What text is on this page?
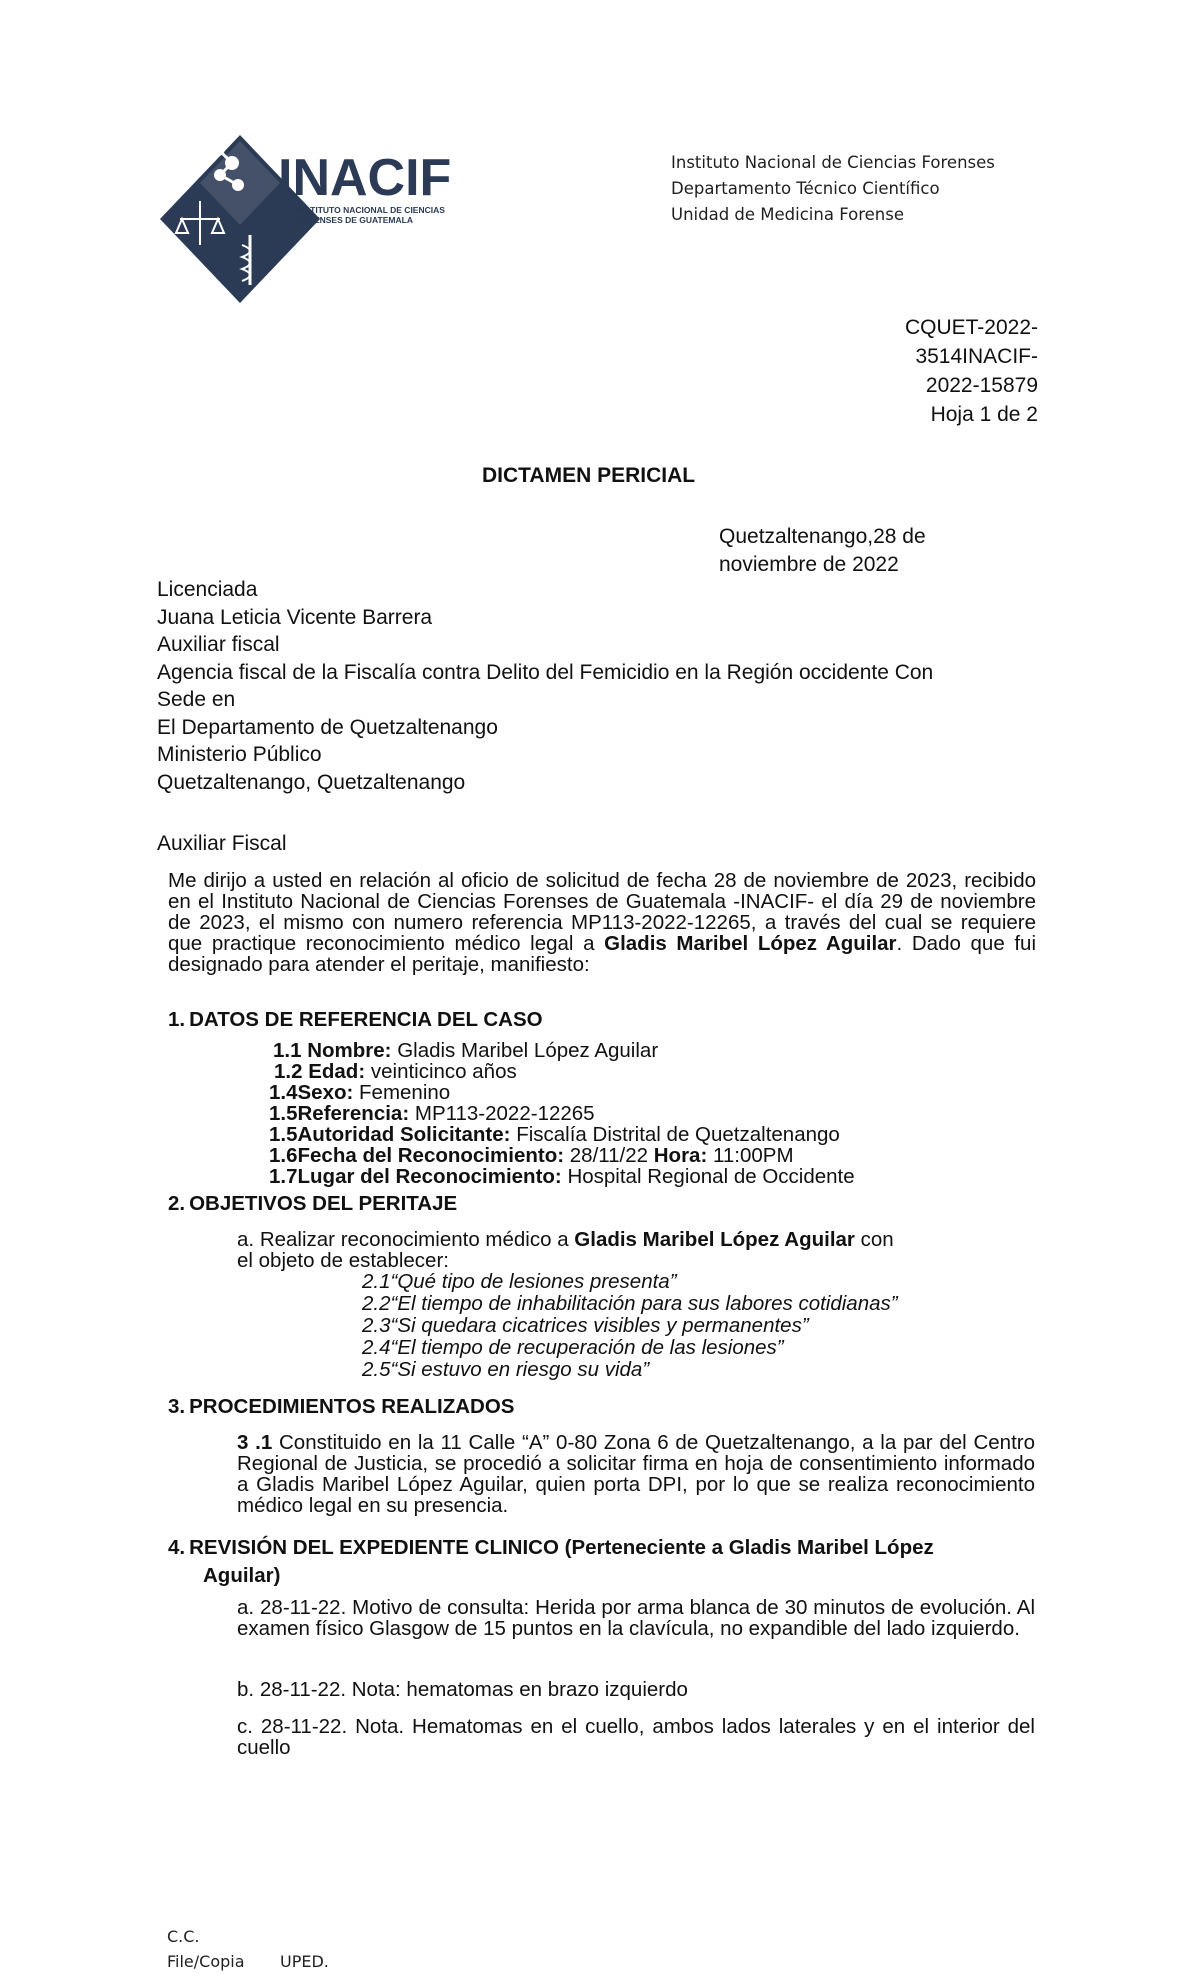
INACIF
INSTITUTO NACIONAL DE CIENCIAS
FORENSES DE GUATEMALA
Instituto Nacional de Ciencias Forenses
Departamento Técnico Científico
Unidad de Medicina Forense
CQUET-2022-
3514INACIF-
2022-15879
Hoja 1 de 2
DICTAMEN PERICIAL
Quetzaltenango,28 de
noviembre de 2022
Licenciada
Juana Leticia Vicente Barrera
Auxiliar fiscal
Agencia fiscal de la Fiscalía contra Delito del Femicidio en la Región occidente Con
Sede en
El Departamento de Quetzaltenango
Ministerio Público
Quetzaltenango, Quetzaltenango
Auxiliar Fiscal
Me dirijo a usted en relación al oficio de solicitud de fecha 28 de noviembre de 2023, recibido en el Instituto Nacional de Ciencias Forenses de Guatemala -INACIF- el día 29 de noviembre de 2023, el mismo con numero referencia MP113-2022-12265, a través del cual se requiere que practique reconocimiento médico legal a Gladis Maribel López Aguilar. Dado que fui designado para atender el peritaje, manifiesto:
1. DATOS DE REFERENCIA DEL CASO
1.1 Nombre: Gladis Maribel López Aguilar
1.2 Edad: veinticinco años
1.4Sexo: Femenino
1.5Referencia: MP113-2022-12265
1.5Autoridad Solicitante: Fiscalía Distrital de Quetzaltenango
1.6Fecha del Reconocimiento: 28/11/22 Hora: 11:00PM
1.7Lugar del Reconocimiento: Hospital Regional de Occidente
2. OBJETIVOS DEL PERITAJE
a. Realizar reconocimiento médico a Gladis Maribel López Aguilar con
el objeto de establecer:
2.1“Qué tipo de lesiones presenta”
2.2“El tiempo de inhabilitación para sus labores cotidianas”
2.3“Si quedara cicatrices visibles y permanentes”
2.4“El tiempo de recuperación de las lesiones”
2.5“Si estuvo en riesgo su vida”
3. PROCEDIMIENTOS REALIZADOS
3 .1 Constituido en la 11 Calle “A” 0-80 Zona 6 de Quetzaltenango, a la par del Centro Regional de Justicia, se procedió a solicitar firma en hoja de consentimiento informado a Gladis Maribel López Aguilar, quien porta DPI, por lo que se realiza reconocimiento médico legal en su presencia.
4. REVISIÓN DEL EXPEDIENTE CLINICO (Perteneciente a Gladis Maribel López
Aguilar)
a. 28-11-22. Motivo de consulta: Herida por arma blanca de 30 minutos de evolución. Al examen físico Glasgow de 15 puntos en la clavícula, no expandible del lado izquierdo.
b. 28-11-22. Nota: hematomas en brazo izquierdo
c. 28-11-22. Nota. Hematomas en el cuello, ambos lados laterales y en el interior del cuello
C.C.
File/Copia UPED.
